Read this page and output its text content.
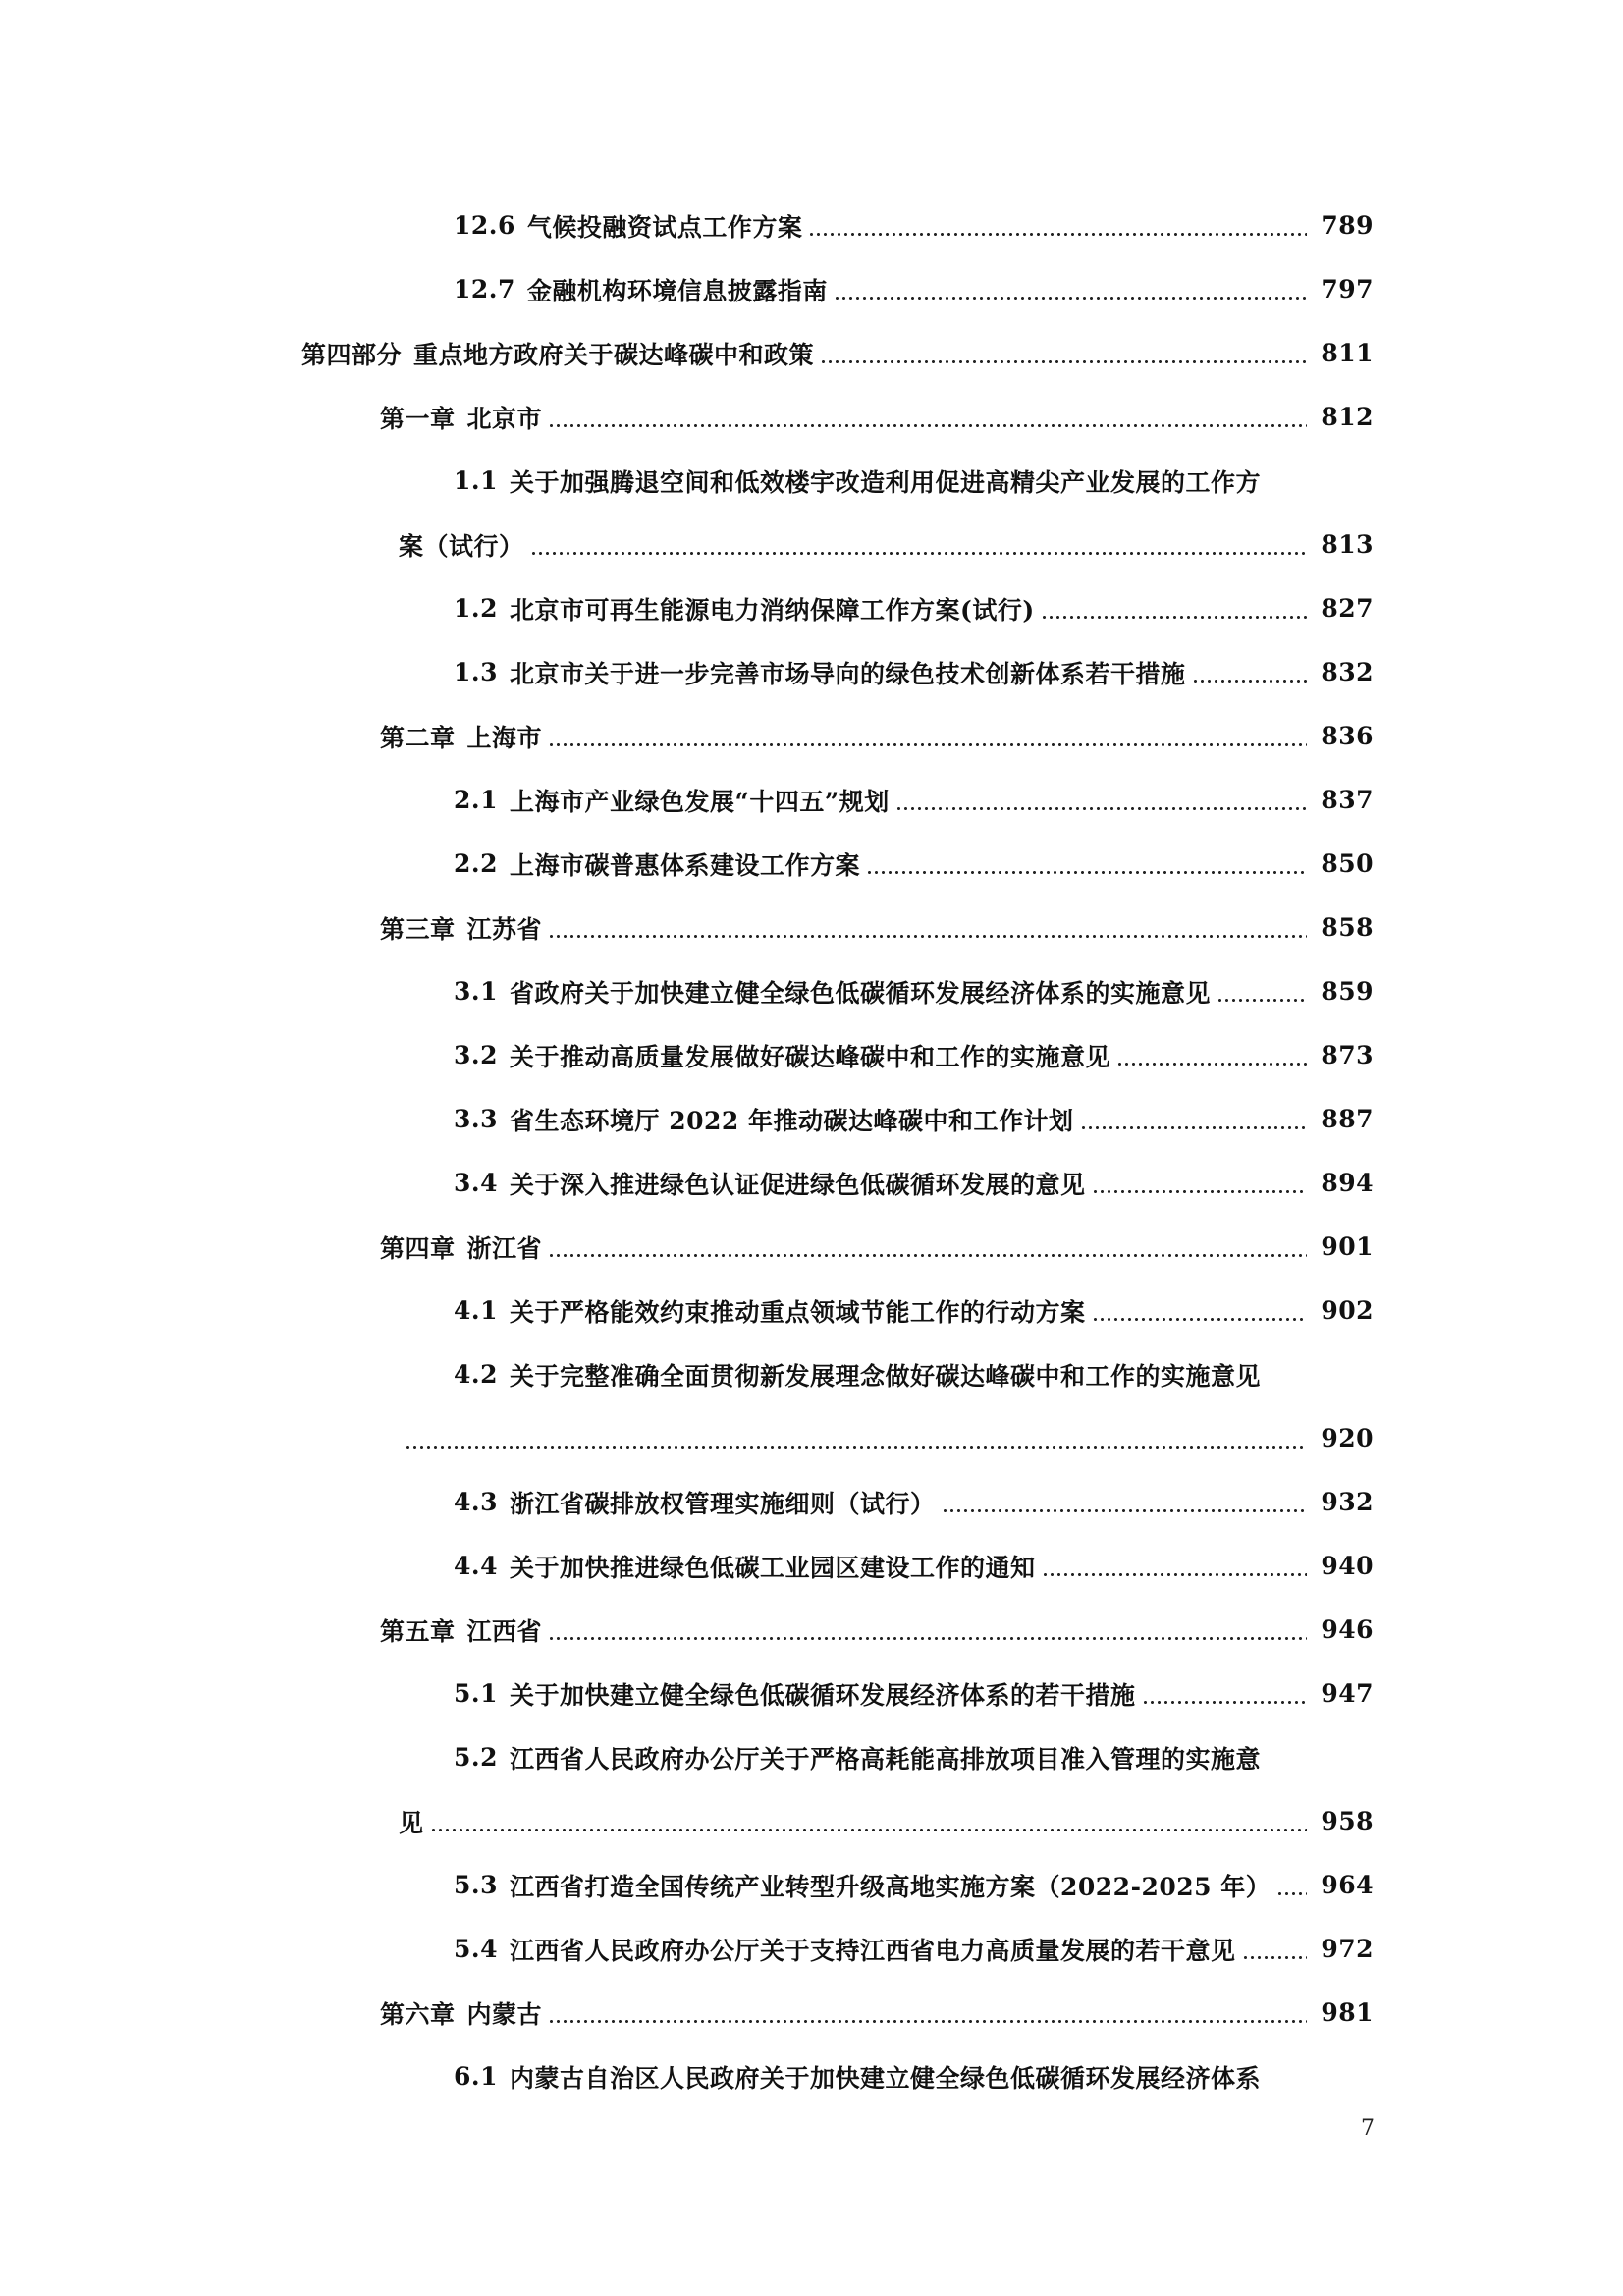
12.6 气候投融资试点工作方案	789
12.7 金融机构环境信息披露指南	797
第四部分 重点地方政府关于碳达峰碳中和政策	811
第一章 北京市	812
1.1 关于加强腾退空间和低效楼宇改造利用促进高精尖产业发展的工作方
案（试行）	813
1.2 北京市可再生能源电力消纳保障工作方案(试行)	827
1.3 北京市关于进一步完善市场导向的绿色技术创新体系若干措施	832
第二章 上海市	836
2.1 上海市产业绿色发展“十四五”规划	837
2.2 上海市碳普惠体系建设工作方案	850
第三章 江苏省	858
3.1 省政府关于加快建立健全绿色低碳循环发展经济体系的实施意见	859
3.2 关于推动高质量发展做好碳达峰碳中和工作的实施意见	873
3.3 省生态环境厅 2022 年推动碳达峰碳中和工作计划	887
3.4 关于深入推进绿色认证促进绿色低碳循环发展的意见	894
第四章 浙江省	901
4.1 关于严格能效约束推动重点领域节能工作的行动方案	902
4.2 关于完整准确全面贯彻新发展理念做好碳达峰碳中和工作的实施意见
920
4.3 浙江省碳排放权管理实施细则（试行）	932
4.4 关于加快推进绿色低碳工业园区建设工作的通知	940
第五章 江西省	946
5.1 关于加快建立健全绿色低碳循环发展经济体系的若干措施	947
5.2 江西省人民政府办公厅关于严格高耗能高排放项目准入管理的实施意
见	958
5.3 江西省打造全国传统产业转型升级高地实施方案（2022-2025 年）	964
5.4 江西省人民政府办公厅关于支持江西省电力高质量发展的若干意见	972
第六章 内蒙古	981
6.1 内蒙古自治区人民政府关于加快建立健全绿色低碳循环发展经济体系
7
